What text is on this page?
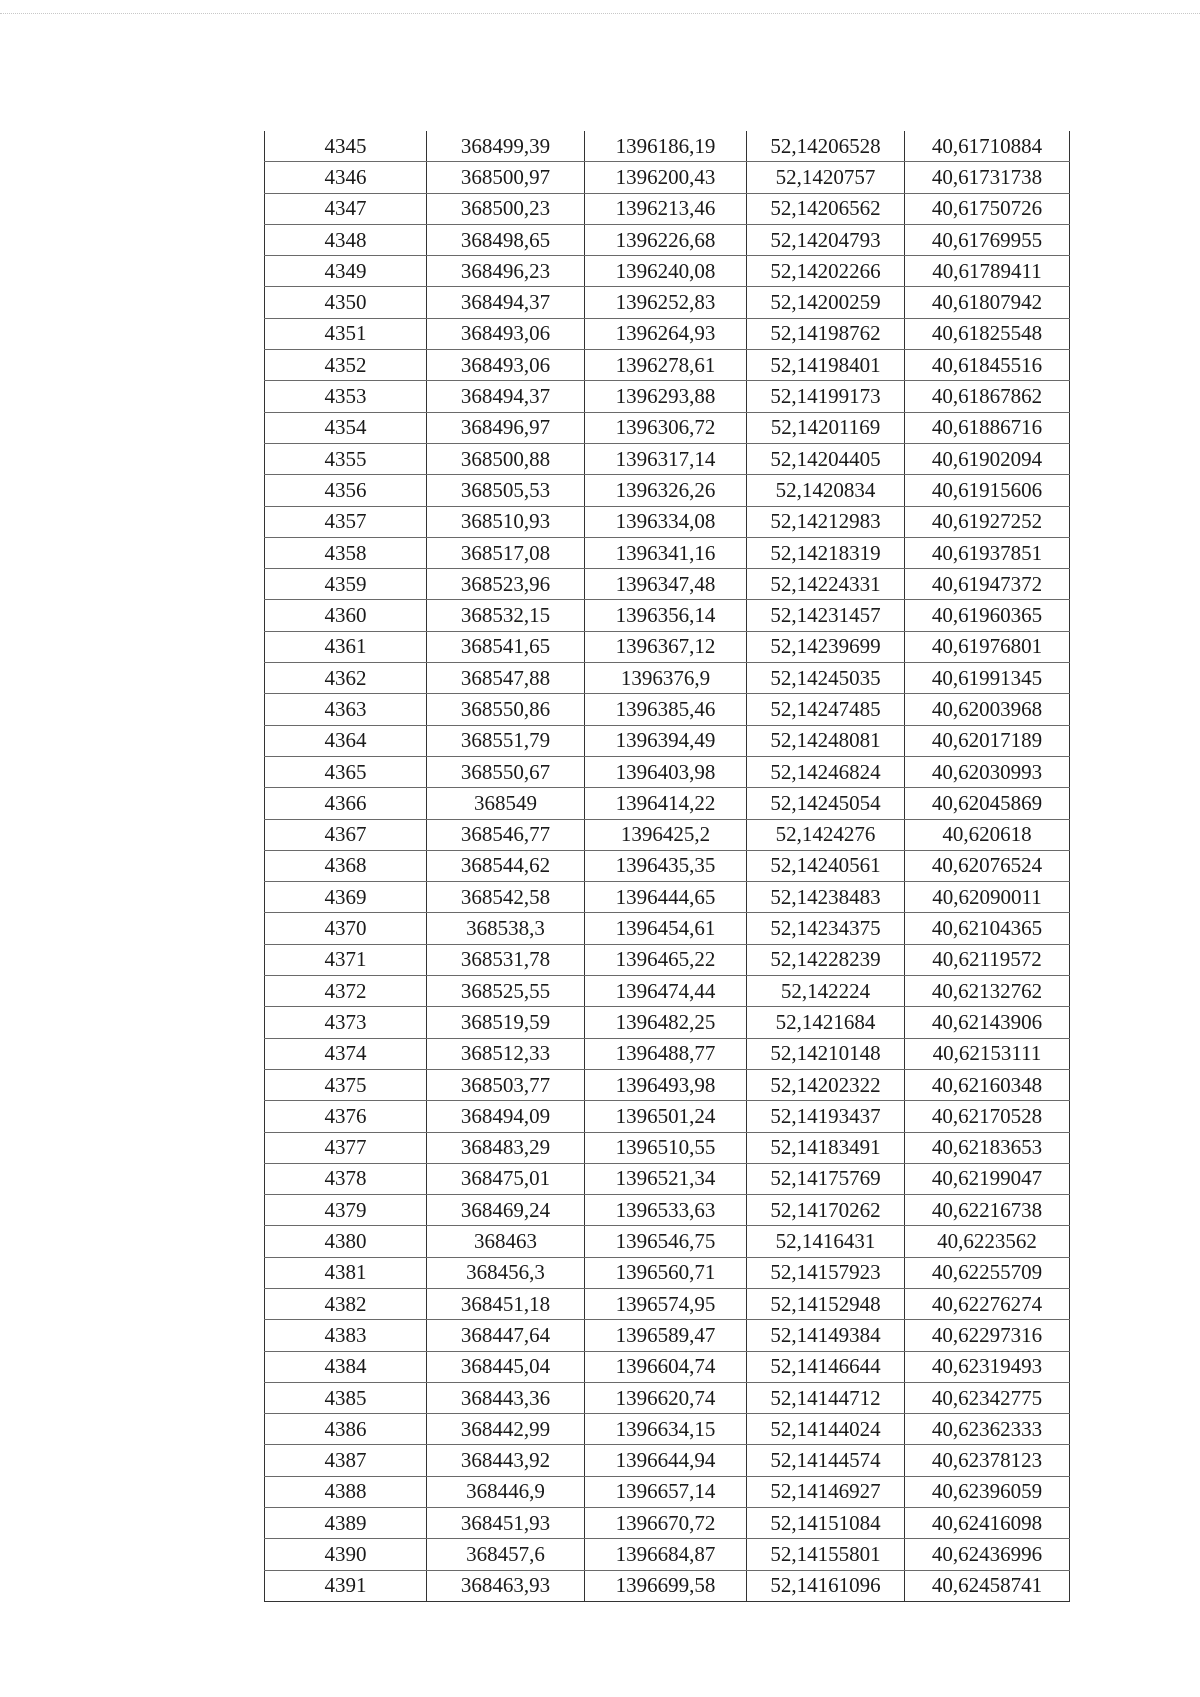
4345	368499,39	1396186,19	52,14206528	40,61710884
4346	368500,97	1396200,43	52,1420757	40,61731738
4347	368500,23	1396213,46	52,14206562	40,61750726
4348	368498,65	1396226,68	52,14204793	40,61769955
4349	368496,23	1396240,08	52,14202266	40,61789411
4350	368494,37	1396252,83	52,14200259	40,61807942
4351	368493,06	1396264,93	52,14198762	40,61825548
4352	368493,06	1396278,61	52,14198401	40,61845516
4353	368494,37	1396293,88	52,14199173	40,61867862
4354	368496,97	1396306,72	52,14201169	40,61886716
4355	368500,88	1396317,14	52,14204405	40,61902094
4356	368505,53	1396326,26	52,1420834	40,61915606
4357	368510,93	1396334,08	52,14212983	40,61927252
4358	368517,08	1396341,16	52,14218319	40,61937851
4359	368523,96	1396347,48	52,14224331	40,61947372
4360	368532,15	1396356,14	52,14231457	40,61960365
4361	368541,65	1396367,12	52,14239699	40,61976801
4362	368547,88	1396376,9	52,14245035	40,61991345
4363	368550,86	1396385,46	52,14247485	40,62003968
4364	368551,79	1396394,49	52,14248081	40,62017189
4365	368550,67	1396403,98	52,14246824	40,62030993
4366	368549	1396414,22	52,14245054	40,62045869
4367	368546,77	1396425,2	52,1424276	40,620618
4368	368544,62	1396435,35	52,14240561	40,62076524
4369	368542,58	1396444,65	52,14238483	40,62090011
4370	368538,3	1396454,61	52,14234375	40,62104365
4371	368531,78	1396465,22	52,14228239	40,62119572
4372	368525,55	1396474,44	52,142224	40,62132762
4373	368519,59	1396482,25	52,1421684	40,62143906
4374	368512,33	1396488,77	52,14210148	40,62153111
4375	368503,77	1396493,98	52,14202322	40,62160348
4376	368494,09	1396501,24	52,14193437	40,62170528
4377	368483,29	1396510,55	52,14183491	40,62183653
4378	368475,01	1396521,34	52,14175769	40,62199047
4379	368469,24	1396533,63	52,14170262	40,62216738
4380	368463	1396546,75	52,1416431	40,6223562
4381	368456,3	1396560,71	52,14157923	40,62255709
4382	368451,18	1396574,95	52,14152948	40,62276274
4383	368447,64	1396589,47	52,14149384	40,62297316
4384	368445,04	1396604,74	52,14146644	40,62319493
4385	368443,36	1396620,74	52,14144712	40,62342775
4386	368442,99	1396634,15	52,14144024	40,62362333
4387	368443,92	1396644,94	52,14144574	40,62378123
4388	368446,9	1396657,14	52,14146927	40,62396059
4389	368451,93	1396670,72	52,14151084	40,62416098
4390	368457,6	1396684,87	52,14155801	40,62436996
4391	368463,93	1396699,58	52,14161096	40,62458741
